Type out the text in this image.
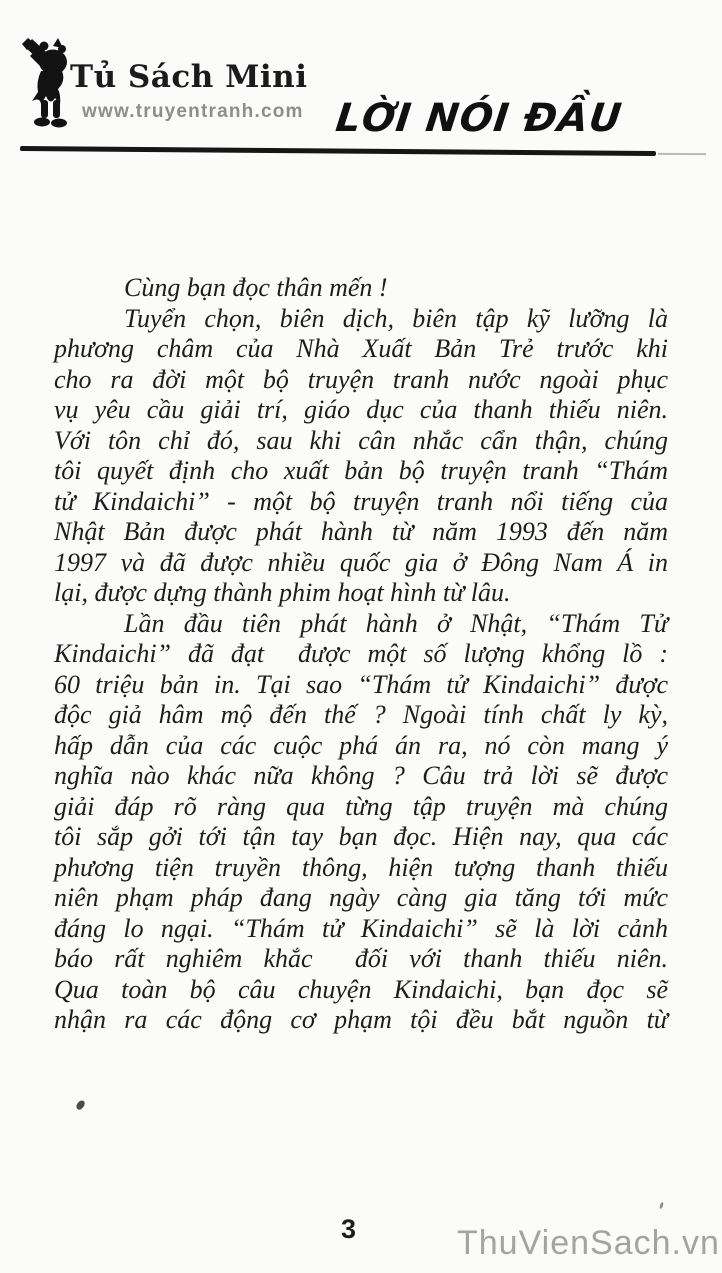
Tủ Sách Mini
www.truyentranh.com LỜI NÓI ĐẦU
Cùng bạn đọc thân mến !
Tuyển chọn, biên dịch, biên tập kỹ lưỡng là
phương châm của Nhà Xuất Bản Trẻ trước khi
cho ra đời một bộ truyện tranh nước ngoài phục
vụ yêu cầu giải trí, giáo dục của thanh thiếu niên.
Với tôn chỉ đó, sau khi cân nhắc cẩn thận, chúng
tôi quyết định cho xuất bản bộ truyện tranh “Thám
tử Kindaichi” - một bộ truyện tranh nổi tiếng của
Nhật Bản được phát hành từ năm 1993 đến năm
1997 và đã được nhiều quốc gia ở Đông Nam Á in
lại, được dựng thành phim hoạt hình từ lâu.
Lần đầu tiên phát hành ở Nhật, “Thám Tử
Kindaichi” đã đạt  được một số lượng khổng lồ :
60 triệu bản in. Tại sao “Thám tử Kindaichi” được
độc giả hâm mộ đến thế ? Ngoài tính chất ly kỳ,
hấp dẫn của các cuộc phá án ra, nó còn mang ý
nghĩa nào khác nữa không ? Câu trả lời sẽ được
giải đáp rõ ràng qua từng tập truyện mà chúng
tôi sắp gởi tới tận tay bạn đọc. Hiện nay, qua các
phương tiện truyền thông, hiện tượng thanh thiếu
niên phạm pháp đang ngày càng gia tăng tới mức
đáng lo ngại. “Thám tử Kindaichi” sẽ là lời cảnh
báo rất nghiêm khắc  đối với thanh thiếu niên.
Qua toàn bộ câu chuyện Kindaichi, bạn đọc sẽ
nhận ra các động cơ phạm tội đều bắt nguồn từ
3	ThuVienSach.vn
